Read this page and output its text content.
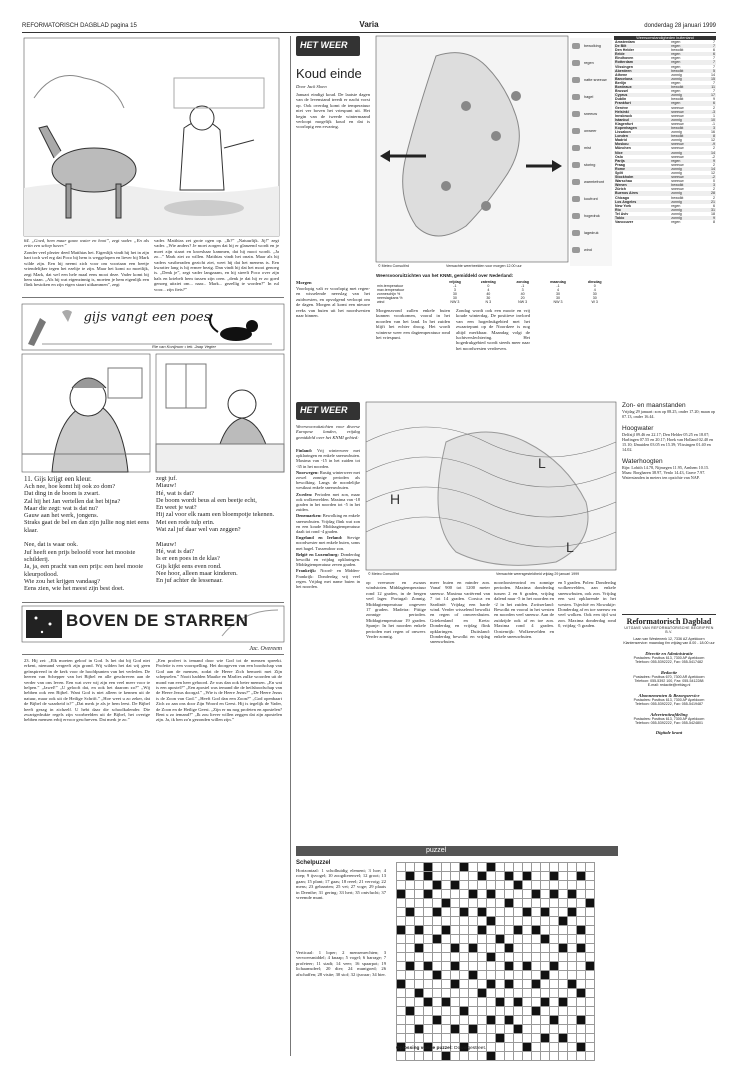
REFORMATORISCH DAGBLAD pagina 15	Varia	donderdag 28 januari 1999
64. „Goed, hem maar gauw water en hooi”, zegt vader. „En als ertin een schep haver.”
Zonder veel plezier deed Matthias het. Eigenlijk vindt hij het in zijn hart toch wel erg dat Poco bij hem is weggelopen en liever bij Mark wilde zijn. Een hij neemt zich voor om voortaan een beetje vriendelijker tegen het ezeltje te zijn. Maar het komt zo moeilijk, zegt Mark, dat wel een hele maal eens mooi deze. Vader komt bij hem staan. „Als hij wat eigenzinnig is, moeten je hem eigenlijk een flink bestoken en zijn eigen staart uitkammen”, zegt
vader. Matthias zet grote ogen op. „Ik?” „Natuurlijk. Jij!” zegt vader. „Wie anders? Je moet zorgen dat hij er glanzend wordt en je moet zijn staart en kroeshaar kammen, dat hij mooi wordt. „Ja zo...” Mark ziet zo willen. Matthias vindt het onzin. Maar als hij vaders vastberaden gezicht ziet, weet hij dat het menens is. Een kwartier lang is hij ermee bezig. Dan vindt hij dat het mooi genoeg is. „Denk je”, zegt vader langzaam, en hij streelt Poco over zijn hals en kriebelt hem tussen zijn oren. „denk je dat hij er zo goed genoeg uitziet om... naar... Mark... gezellig te worden?” In rul voor... zijn fiets?”
gijs vangt een poes
Rie van Konijnum • tek. Jaap Vegter
11. Gijs krijgt een kleur.
Ach nee, hoe komt hij ook zo dom?
Dat ding in de boom is zwart.
Zal hij het Jan vertellen dat het bijna?
Maar die zegt: wat is dat nu?
Gauw aan het werk, jongens.
Straks gaat de bel en dan zijn jullie nog niet eens klaar.

Nee, dat is waar ook.
Juf heeft een prijs beloofd voor het mooiste schilderij.
Ja, ja, een pracht van een prijs: een heel mooie kleurpotlood.
Wie zou het krijgen vandaag?
Eens zien, wie het meest zijn best doet.
zegt juf.
Miauw!
Hé, wat is dat?
De boom wordt beus al een beetje echt,
En weet je wat?
Hij zal voor elk raam een bloempotje tekenen.
Met een rode tulp erin.
Wat zal juf daar wel van zeggen?

Miauw!
Hé, wat is dat?
Is er een poes in de klas?
Gijs kijkt eens even rond.
Nee hoor, alleen maar kinderen.
En juf achter de lessenaar.
BOVEN DE STARREN
Jac. Overeem
23. Hij zei: „Elk moeten geloof in God. Is het dat bij God niet erkent, niemand vergeeft zijn grond. Wij wilden het dat wij geen geïnspireerd in de kerk voor de hoofdpunten van het verleden. De heeren van Schepper van het Bijbel en alle geschreven aan de verder van ons leven. Een wat over wij zijn een veel meer voor te helpen.” „Jawel!” „U gelooft dat, en ook het daarom zo?” „Wij hebben ook een Bijbel. Want God is niet alleen te kennen uit de natuur, maar ook uit de Heilige Schrift.” „Hoe weet u zo zeker, dat de Bijbel de waarheid is?” „Dat merk je als je hem leest. De Bijbel heeft gezag in zichzelf. U hebt daar die schoolkalender. Die zwartgedrukte regels zijn voorbeelden uit de Bijbel, het overige hebben mensen erbij ervoor geschreven. Dat merk je zo.”
„Een profeet is iemand door wie God tot de mensen spreekt. Profetie is een voorspelling. Het doorgeven van een boodschap van God aan de mensen, zodat de Heere Zich bemoeit met Zijn schepselen.” Nooit hadden Maaike en Marlies zulke woorden uit de mond van een heer gehoord. Ze was dan ook beter mensen. „En wat is een apostel?” „Een apostel was iemand die de heilsboodschap van de Heere Jezus doorgaf.” „Wie is de Heere Jezus?” „De Heere Jezus is de Zoon van God.” „Heeft God dan een Zoon?” „God openbaart Zich zo aan ons door Zijn Woord en Geest. Hij is tegelijk de Vader, de Zoon en de Heilige Geest. „Zijn er nu nog profeten en apostelen? Bent u zo iemand?” „Ik zou liever willen zeggen dat zijn apostelen zijn. Ja, ik ben zo'n gezonden willen zijn.”
HET WEER
Koud einde
Door Jack Sloen
Januari eindigt koud. De laatste dagen van de levenstand treedt er nacht vorst op. Ook overdag komt de temperatuur niet ver boven het vriespunt uit. Het begin van de tweede wintermaand verloopt mogelijk koud en dat is voorlopig een ervaring.
© Meteo Consult/rd	Verwachte weerbeelden voor morgen 12.00 uur
bewolking
regen
natte sneeuw
hagel
sneeuw
onweer
mist
storing
warmtefront
koufront
hogedruk
lagedruk
wind
Weersomstandigheden buitenland
Amsterdam	regen	7
De Bilt	regen	7
Den Helder	bewolkt	6
Eelde	regen	6
Eindhoven	regen	7
Rotterdam	regen	7
Vlissingen	regen	7
Aberdeen	bewolkt	5
Athene	zonnig	14
Barcelona	zonnig	15
Berlijn	regen	7
Bordeaux	bewolkt	11
Brussel	regen	7
Cyprus	zonnig	17
Dublin	bewolkt	9
Frankfurt	regen	6
Genève	sneeuw	2
Helsinki	sneeuw	-3
Innsbruck	sneeuw	1
Istanbul	zonnig	10
Klagenfurt	sneeuw	-1
Kopenhagen	bewolkt	3
Lissabon	zonnig	16
Londen	bewolkt	8
Madrid	zonnig	12
Moskou	sneeuw	-9
München	sneeuw	2
Nice	zonnig	14
Oslo	sneeuw	-2
Parijs	regen	9
Praag	sneeuw	2
Rome	zonnig	14
Split	zonnig	12
Stockholm	sneeuw	-2
Warschau	sneeuw	0
Wenen	bewolkt	3
Zürich	sneeuw	2
Buenos Aires	zonnig	28
Chicago	bewolkt	2
Los Angeles	zonnig	21
New York	regen	6
Rio	zonnig	31
Tel Aviv	zonnig	18
Tokio	zonnig	9
Vancouver	regen	8
Weersvooruitzichten van het KNMI, gemiddeld over Nederland:
	vrijdag	zaterdag	zondag	maandag	dinsdag
min.temperatuur	-1	0	-1	-1	0
max.temperatuur	3	4	3	4	4
zonneschijn %	30	40	40	30	30
neerslagkans %	30	30	20	30	30
wind	NW 3	N 3	NW 3	NW 3	W 3
Morgen
Voorlopig valt er voorlopig met regen- en wisselende neerslag van het zuidwesten, en opvolgend verloopt om de dagen. Morgen al komt een nieuwe reeks van buien uit het noordwesten naar binnen.
Morgenavond zullen enkele buien kunnen voorkomen, vooral in het noorden van het land. In het zuiden blijft het echter droog. Het wordt winterse weer een dagtemperatuur rond het vriespunt.
Zondag wordt ook een mooie en vrij koude winterdag. De positieve invloed van een hogedrukgebied met het zwaartepunt op de Noordzee is nog altijd merkbaar. Maandag volgt de luchtverslechtering. Het hogedrukgebied wordt steeds meer naar het noordwesten verdreven.
HET WEER
Weersvooruitzichten voor diverse Europese landen, vrijdag gemiddeld over het KNMI gebied:
Finland: Vrij winterweer met opklaringen en enkele sneeuwbuien. Maxima van -15 in het zuiden tot -35 in het noorden.
Noorwegen: Rustig winterweer met zowel zonnige perioden als bewolking. Langs de noordelijke westkust enkele sneeuwbuien.
Zweden: Perioden met zon, maar ook wolkenvelden. Maxima van -18 graden in het noorden tot -5 in het zuiden.
Denemarken: Bewolking en enkele sneeuwbuien. Vrijdag flink wat zon en een koude Middaagtemperatuur daalt tot rond -4 graden.
Engeland en Ierland: Stevige noordwester met enkele buien, soms met hagel. Tussendoor zon.
België en Luxemburg: Donderdag bewolkt en vrijdag opklaringen. Middagtemperatuur zeven graden.
Frankrijk: Noord- en Midden-Frankrijk: Donderdag vrij veel regen. Vrijdag met name buien in het noorden.
H
L
L
© Meteo Consult/rd	Verwachte weersgesteldheid vrijdag 29 januari 1999
op vreeuwer en zwaars windstoten. Middagtemperatuur rond 12 graden, in de bergen veel lager. Portugal: Zonnig. Middagtemperatuur ongeveer 17 graden. Madeira: Pittige zonnige perioden. Middagtemperatuur 19 graden. Spanje: In het noorden enkele perioden met regen of onweer. Verder zonnig.
meer buien en minder zon. Vanaf 900 tot 1200 meter sneeuw. Maxima variërend van 7 tot 14 graden. Corsica en Sardinië: Vrijdag een harde wind. Verder wisselend bewolkt en regen of onweersbuien. Griekenland en Kreta: Donderdag en vrijdag flink opklaringen. Duitsland: Donderdag bewolkt en vrijdag sneeuwbuien.
noordoostenwind en zonnige perioden. Maxima donderdag tussen 2 en 6 graden, vrijdag dalend naar -5 in het noorden en -2 in het zuiden. Zwitserland: Bewolkt en vooral in het westen en noorden veel sneeuw. Aan de zuidzijde ook af en toe zon. Maxima rond 4 graden. Oostenrijk: Wolkenvelden en enkele sneeuwbuien.
en 5 graden. Polen: Donderdag wolkenvelden, aan enkele sneeuwbuien, ook zon. Vrijdag een wat opklarende in het westen. Tsjechië en Slowakije: Donderdag af en toe sneeuw en veel wolken. Ook een tijd wat zon. Maxima donderdag rond 0, vrijdag -5 graden.
Zon- en maanstanden
Vrijdag 29 januari: zon op 08.25, onder 17.20; maan op 07.13, onder 16.44.
Hoogwater
Delfzijl 09.46 en 22.17; Den Helder 05.25 en 18.07; Harlingen 07.55 en 20.17; Hoek van Holland 02.40 en 15.10; IJmuiden 03.05 en 15.39; Vlissingen 01.40 en 14.02.
Waterhoogten
Rijn: Lobith 14.78, Nijmegen 11.95, Arnhem 10.15. Maas: Borgharen 38.97, Venlo 14.43, Grave 7.97. Waterstanden in meters ten opzichte van NAP.
Reformatorisch Dagblad
UITGAVE VAN REFORMATORISCHE BEGRIPPEN B.V.
Laan van Westenenk 12, 7336 AZ Apeldoorn
Klantenservice: maandag t/m vrijdag van 8.00 - 18.00 uur
Directie en Administratie
Postadres: Postbus 613, 7300 AP Apeldoorn
Telefoon: 055-5392222, Fax: 055-5417482
Redactie
Postadres: Postbus 670, 7300 AR Apeldoorn
Telefoon: 055-5392 100, Fax: 055-5412288
E-mail: redactie@refdag.nl
Abonnementen & Bezorgservice
Postadres: Postbus 613, 7300 AP Apeldoorn
Telefoon: 055-5392222, Fax: 055-5419487
Advertentieafdeling
Postadres: Postbus 613, 7300 AP Apeldoorn
Telefoon: 055-5392222, Fax: 055-5424801
Digitale krant
puzzel
Schelpuzzel
Horizontaal: 1 scholhuidig element; 3 hoe; 4 roep; 9 ijsvogel; 10 zoogdierenvel; 12 groot; 13 gaan; 15 plant; 17 gaas; 18 reeel; 21 vervoig; 22 mens; 23 gebaarten; 25 vet; 27 voge; 29 plaats in Drenthe; 31 gering; 33 hert; 35 ontvlucht; 37 vreemde munt.
Verticaal: 1 loper; 2 mensenrechten; 3 vervoersmiddel; 4 knaap; 5 vogel; 6 barrage; 7 profeteer; 11 stadt; 14 veer; 16 spaarpot; 19 lichaamsdeel; 20 dier; 24 muntgoed; 26 afschaffen; 28 visite; 30 stof; 32 ijswaar; 34 bier.

Oplossing vorige puzzel: Dowingestreet.
